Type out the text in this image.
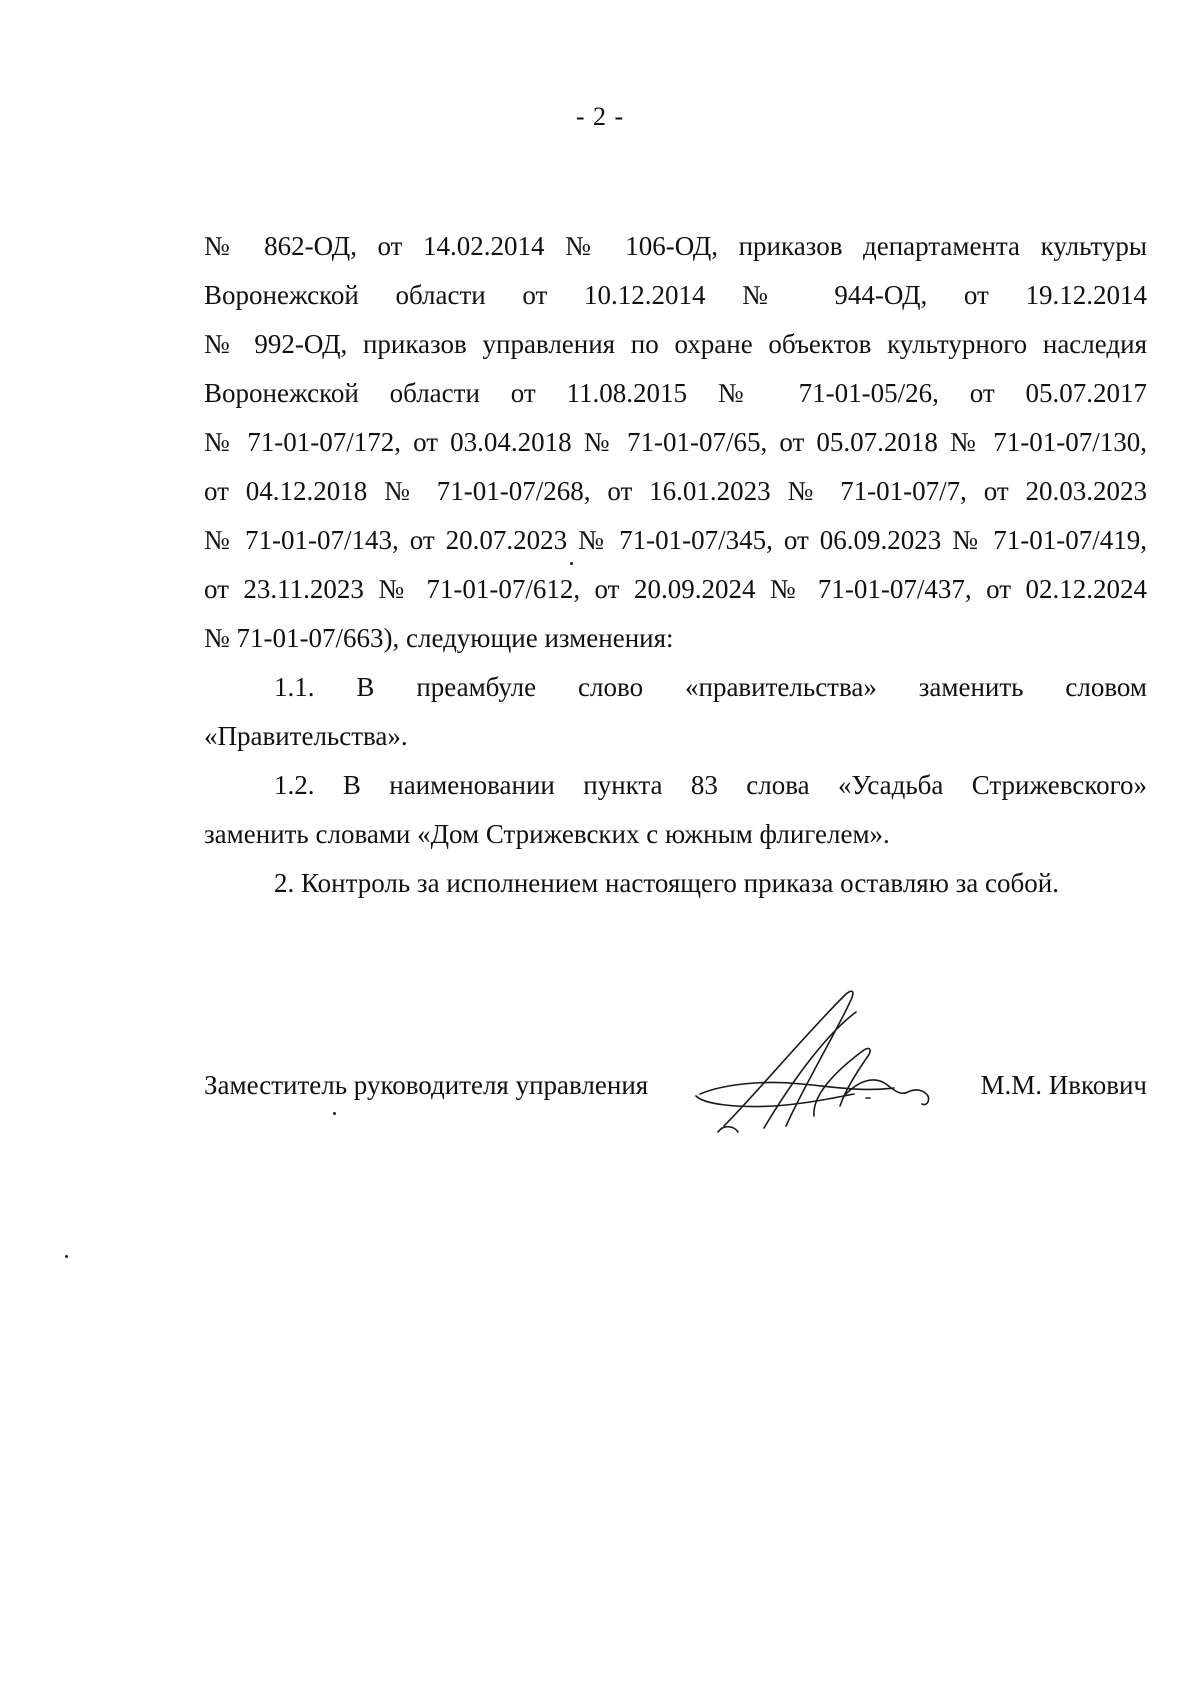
- 2 -
№ 862-ОД, от 14.02.2014 № 106-ОД, приказов департамента культуры
Воронежской области от 10.12.2014 № 944-ОД, от 19.12.2014
№ 992-ОД, приказов управления по охране объектов культурного наследия
Воронежской области от 11.08.2015 № 71-01-05/26, от 05.07.2017
№ 71-01-07/172, от 03.04.2018 № 71-01-07/65, от 05.07.2018 № 71-01-07/130,
от 04.12.2018 № 71-01-07/268, от 16.01.2023 № 71-01-07/7, от 20.03.2023
№ 71-01-07/143, от 20.07.2023 № 71-01-07/345, от 06.09.2023 № 71-01-07/419,
от 23.11.2023 № 71-01-07/612, от 20.09.2024 № 71-01-07/437, от 02.12.2024
№ 71-01-07/663), следующие изменения:
1.1. В преамбуле слово «правительства» заменить словом
«Правительства».
1.2. В наименовании пункта 83 слова «Усадьба Стрижевского»
заменить словами «Дом Стрижевских с южным флигелем».
2. Контроль за исполнением настоящего приказа оставляю за собой.
Заместитель руководителя управления	М.М. Ивкович
